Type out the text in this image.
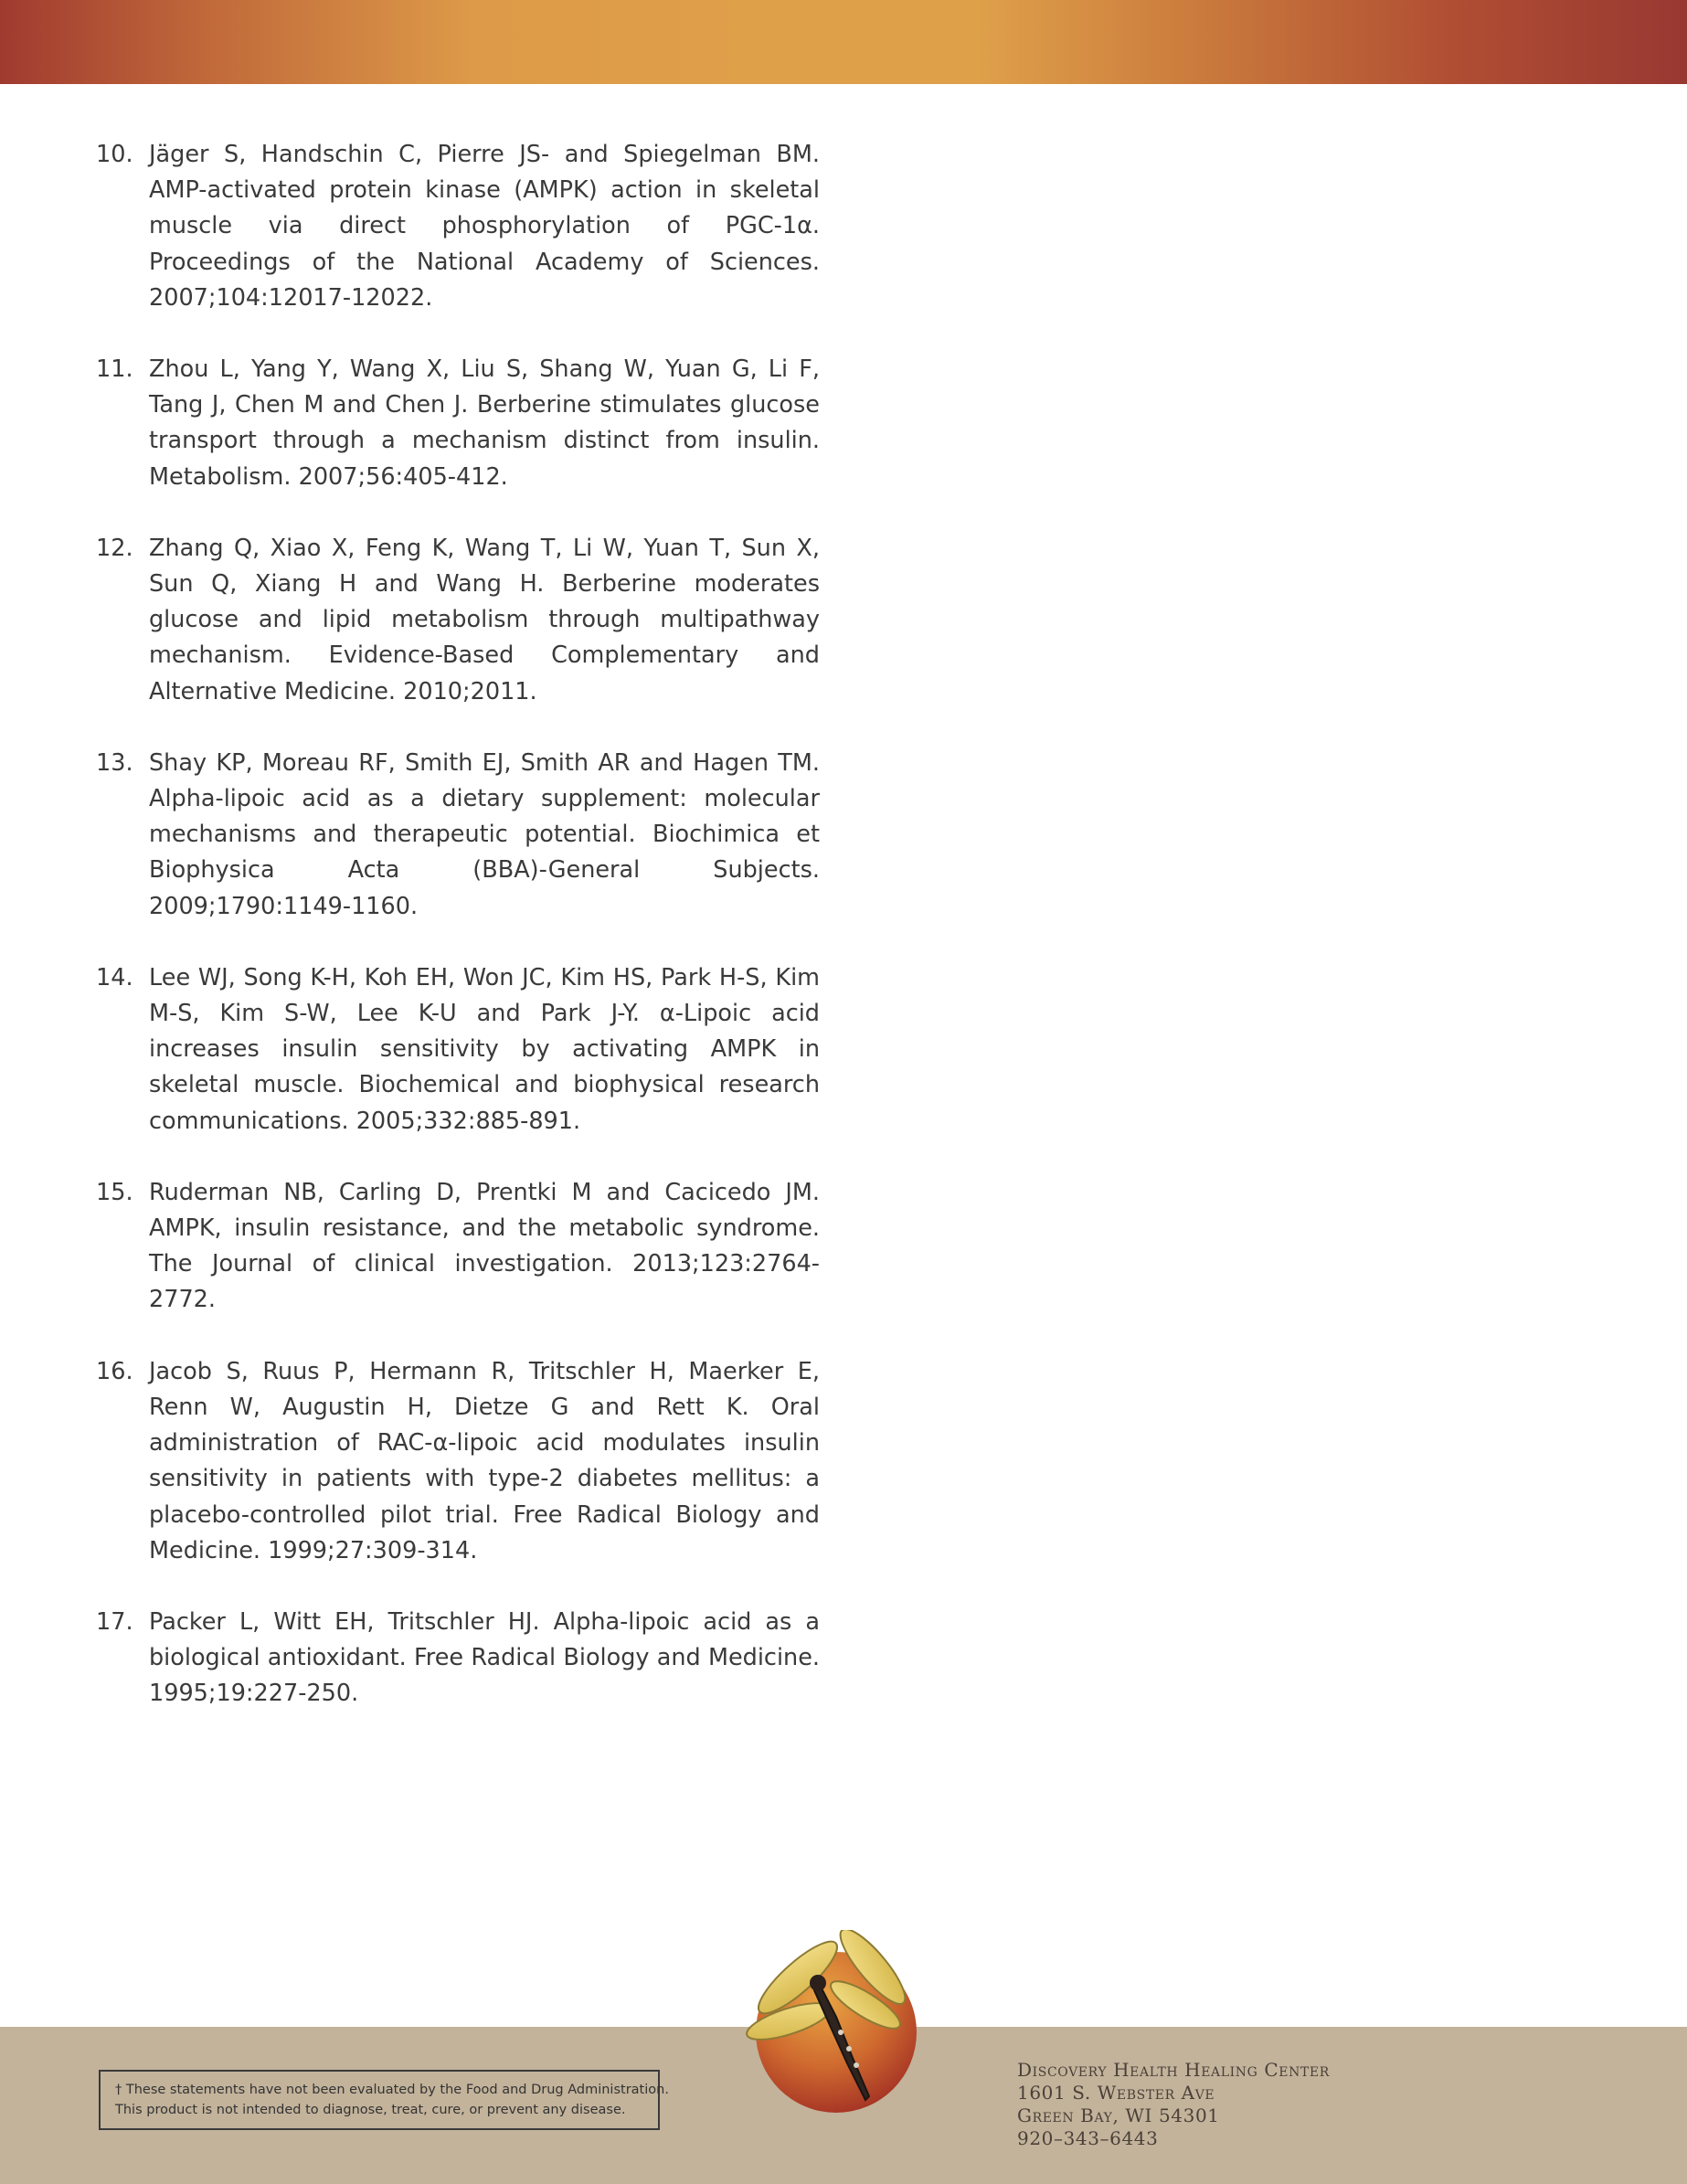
10. Jäger S, Handschin C, Pierre JS- and Spiegelman BM. AMP-activated protein kinase (AMPK) action in skeletal muscle via direct phosphorylation of PGC-1α. Proceedings of the National Academy of Sciences. 2007;104:12017-12022.
11. Zhou L, Yang Y, Wang X, Liu S, Shang W, Yuan G, Li F, Tang J, Chen M and Chen J. Berberine stimulates glucose transport through a mechanism distinct from insulin. Metabolism. 2007;56:405-412.
12. Zhang Q, Xiao X, Feng K, Wang T, Li W, Yuan T, Sun X, Sun Q, Xiang H and Wang H. Berberine moderates glucose and lipid metabolism through multipathway mechanism. Evidence-Based Complementary and Alternative Medicine. 2010;2011.
13. Shay KP, Moreau RF, Smith EJ, Smith AR and Hagen TM. Alpha-lipoic acid as a dietary supplement: molecular mechanisms and therapeutic potential. Biochimica et Biophysica Acta (BBA)-General Subjects. 2009;1790:1149-1160.
14. Lee WJ, Song K-H, Koh EH, Won JC, Kim HS, Park H-S, Kim M-S, Kim S-W, Lee K-U and Park J-Y. α-Lipoic acid increases insulin sensitivity by activating AMPK in skeletal muscle. Biochemical and biophysical research communications. 2005;332:885-891.
15. Ruderman NB, Carling D, Prentki M and Cacicedo JM. AMPK, insulin resistance, and the metabolic syndrome. The Journal of clinical investigation. 2013;123:2764-2772.
16. Jacob S, Ruus P, Hermann R, Tritschler H, Maerker E, Renn W, Augustin H, Dietze G and Rett K. Oral administration of RAC-α-lipoic acid modulates insulin sensitivity in patients with type-2 diabetes mellitus: a placebo-controlled pilot trial. Free Radical Biology and Medicine. 1999;27:309-314.
17. Packer L, Witt EH, Tritschler HJ. Alpha-lipoic acid as a biological antioxidant. Free Radical Biology and Medicine. 1995;19:227-250.
† These statements have not been evaluated by the Food and Drug Administration.
This product is not intended to diagnose, treat, cure, or prevent any disease.
Discovery Health Healing Center
1601 S. Webster Ave
Green Bay, WI 54301
920–343–6443
